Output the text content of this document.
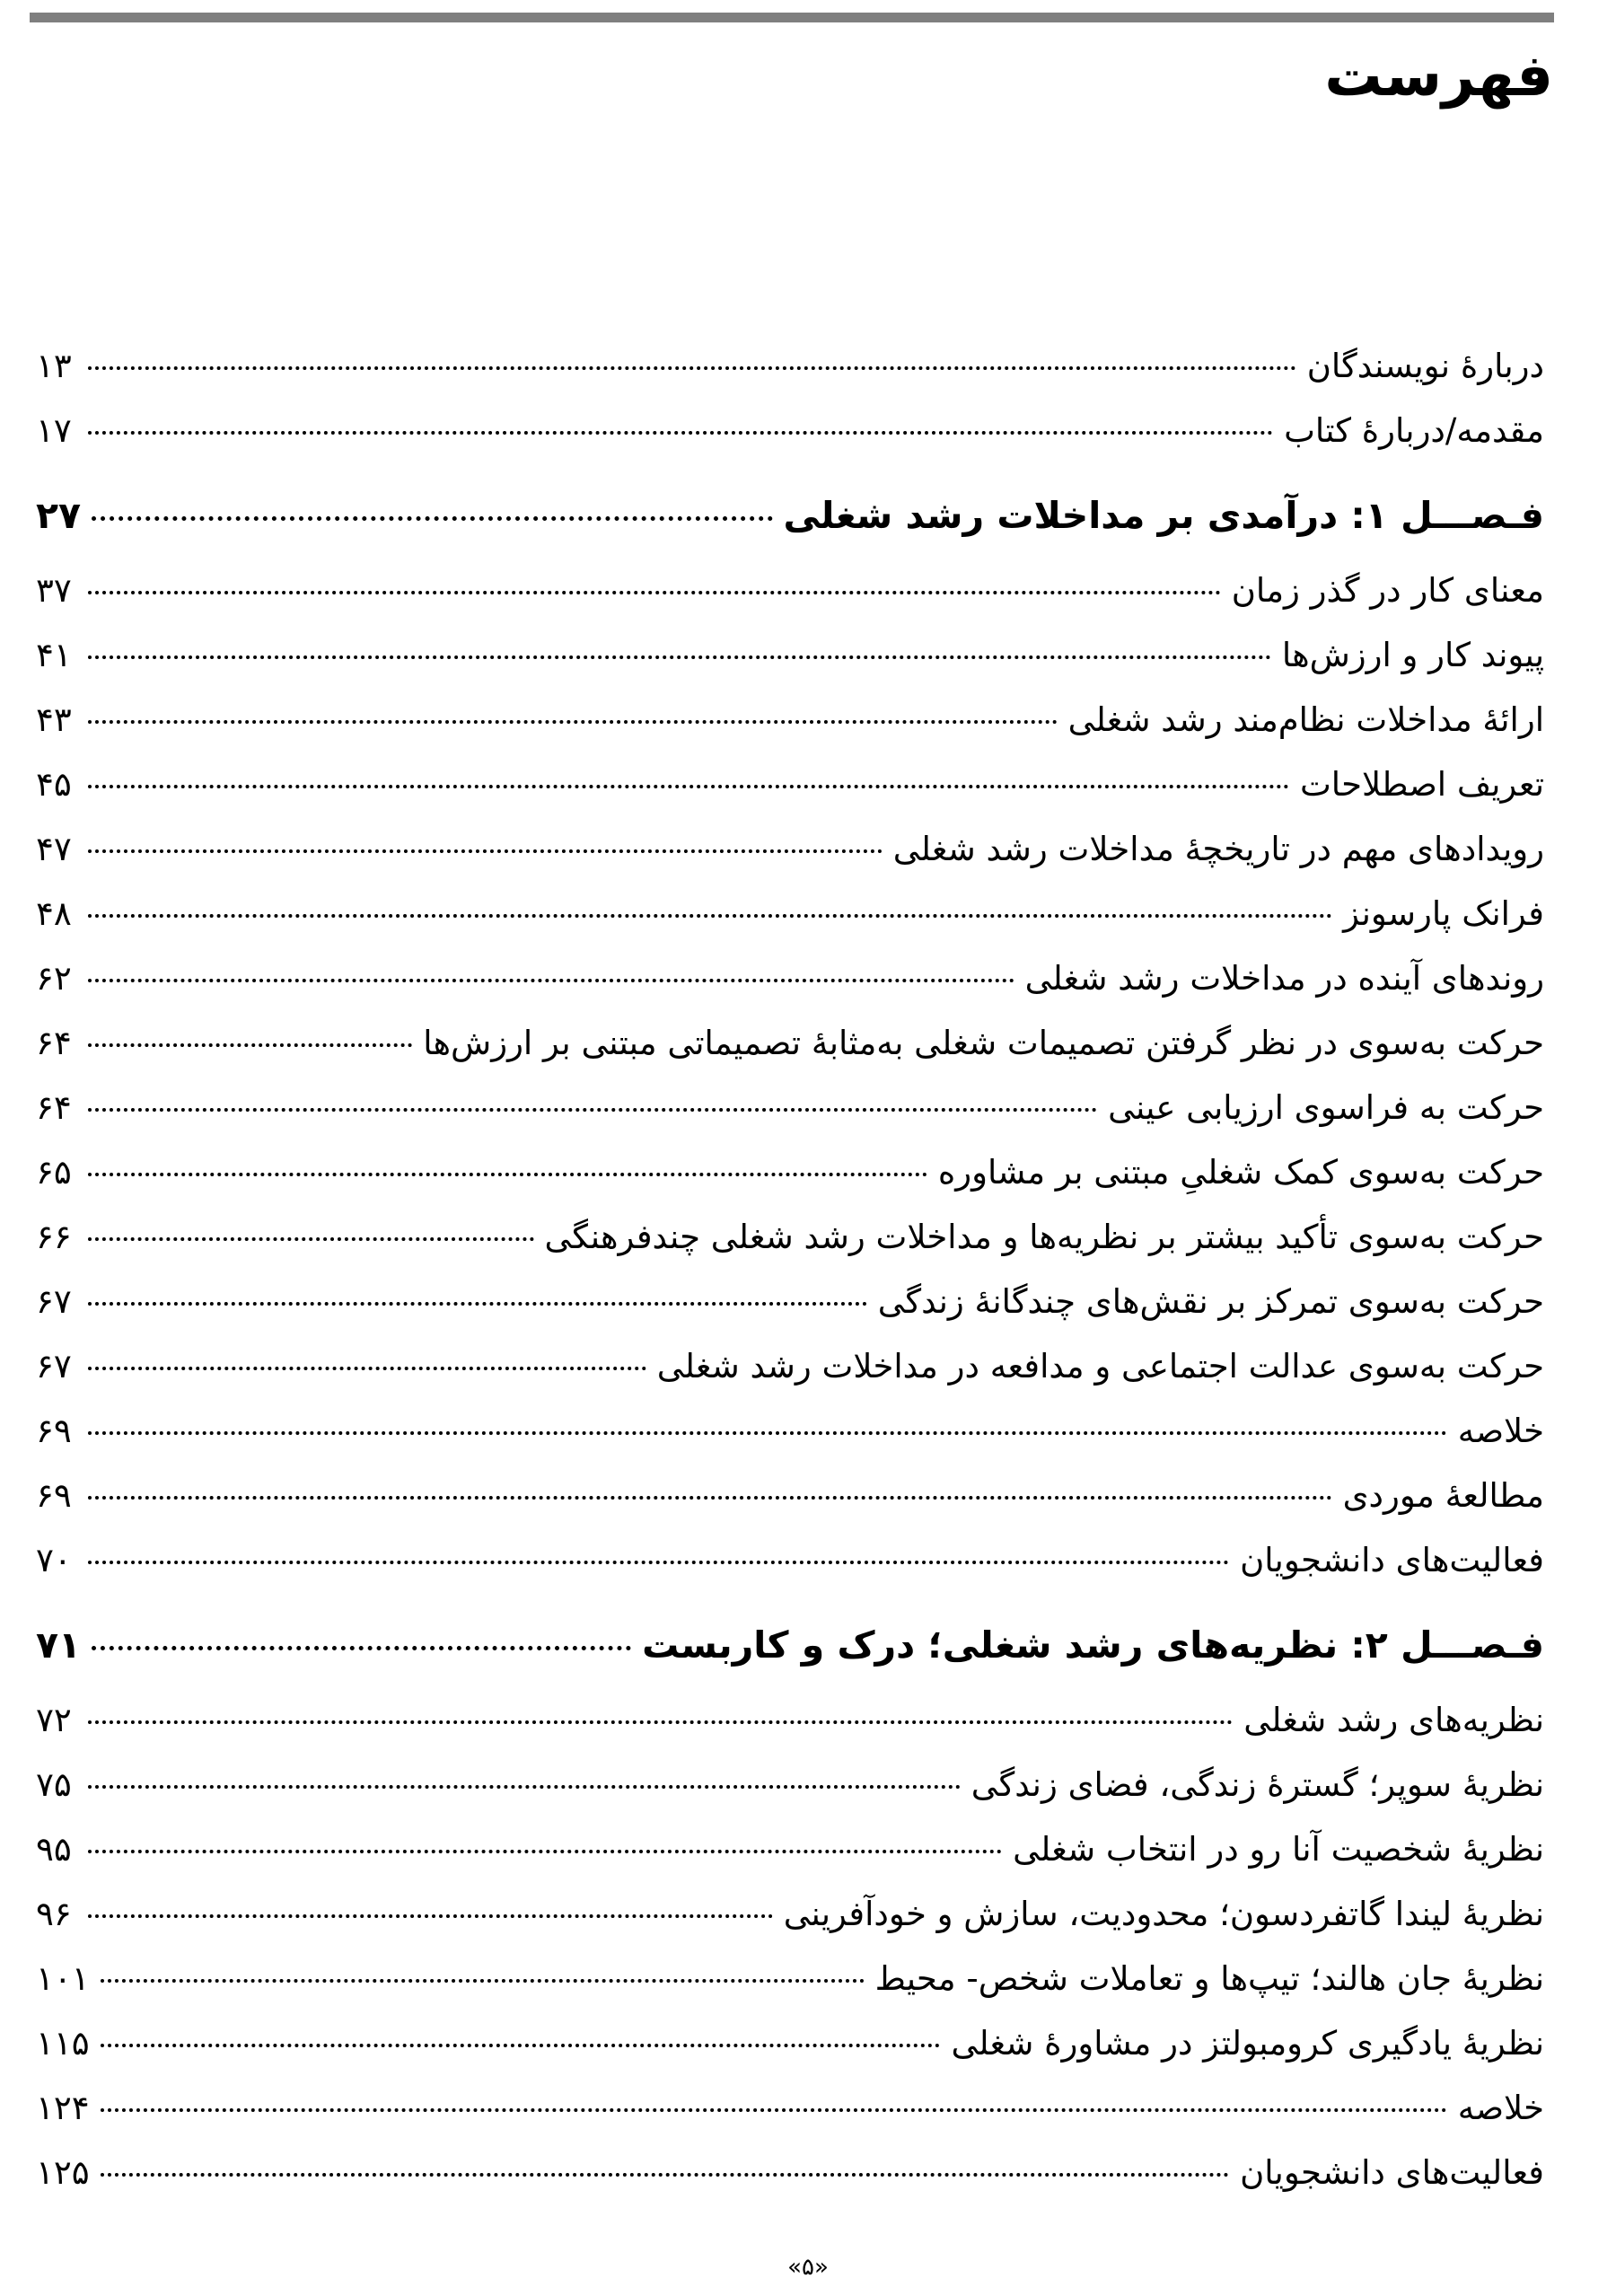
فهرست
دربارهٔ نویسندگان
۱۳
مقدمه/دربارهٔ کتاب
۱۷
فـصـــل ۱: درآمدی بر مداخلات رشد شغلی
۲۷
معنای کار در گذر زمان
۳۷
پیوند کار و ارزش‌ها
۴۱
ارائهٔ مداخلات نظام‌مند رشد شغلی
۴۳
تعریف اصطلاحات
۴۵
رویدادهای مهم در تاریخچهٔ مداخلات رشد شغلی
۴۷
فرانک پارسونز
۴۸
روندهای آینده در مداخلات رشد شغلی
۶۲
حرکت به‌سوی در نظر گرفتن تصمیمات شغلی به‌مثابهٔ تصمیماتی مبتنی بر ارزش‌ها
۶۴
حرکت به فراسوی ارزیابی عینی
۶۴
حرکت به‌سوی کمک شغلیِ مبتنی بر مشاوره
۶۵
حرکت به‌سوی تأکید بیشتر بر نظریه‌ها و مداخلات رشد شغلی چندفرهنگی
۶۶
حرکت به‌سوی تمرکز بر نقش‌های چندگانهٔ زندگی
۶۷
حرکت به‌سوی عدالت اجتماعی و مدافعه در مداخلات رشد شغلی
۶۷
خلاصه
۶۹
مطالعهٔ موردی
۶۹
فعالیت‌های دانشجویان
۷۰
فـصـــل ۲: نظریه‌های رشد شغلی؛ درک و کاربست
۷۱
نظریه‌های رشد شغلی
۷۲
نظریهٔ سوپر؛ گسترهٔ زندگی، فضای زندگی
۷۵
نظریهٔ شخصیت آنا رو در انتخاب شغلی
۹۵
نظریهٔ لیندا گاتفردسون؛ محدودیت، سازش و خودآفرینی
۹۶
نظریهٔ جان هالند؛ تیپ‌ها و تعاملات شخص- محیط
۱۰۱
نظریهٔ یادگیری کرومبولتز در مشاورهٔ شغلی
۱۱۵
خلاصه
۱۲۴
فعالیت‌های دانشجویان
۱۲۵
«۵»
